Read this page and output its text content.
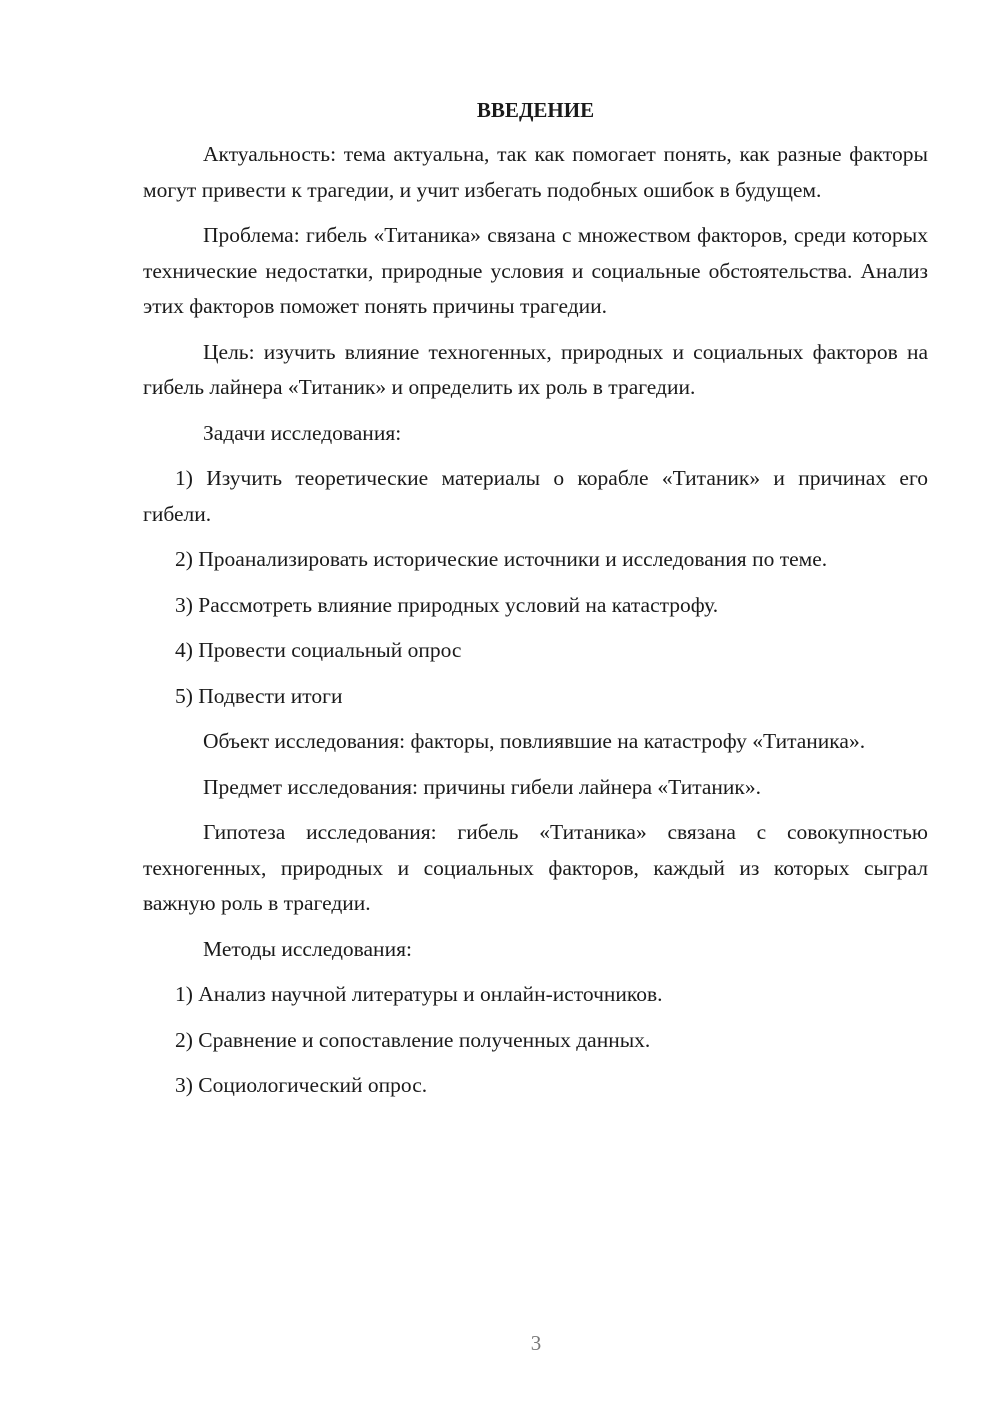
ВВЕДЕНИЕ

Актуальность: тема актуальна, так как помогает понять, как разные факторы могут привести к трагедии, и учит избегать подобных ошибок в будущем.

Проблема: гибель «Титаника» связана с множеством факторов, среди которых технические недостатки, природные условия и социальные обстоятельства. Анализ этих факторов поможет понять причины трагедии.

Цель: изучить влияние техногенных, природных и социальных факторов на гибель лайнера «Титаник» и определить их роль в трагедии.

Задачи исследования:

1) Изучить теоретические материалы о корабле «Титаник» и причинах его гибели.

2) Проанализировать исторические источники и исследования по теме.

3) Рассмотреть влияние природных условий на катастрофу.

4) Провести социальный опрос

5) Подвести итоги

Объект исследования: факторы, повлиявшие на катастрофу «Титаника».

Предмет исследования: причины гибели лайнера «Титаник».

Гипотеза исследования: гибель «Титаника» связана с совокупностью техногенных, природных и социальных факторов, каждый из которых сыграл важную роль в трагедии.

Методы исследования:

1) Анализ научной литературы и онлайн-источников.

2) Сравнение и сопоставление полученных данных.

3) Социологический опрос.

3
